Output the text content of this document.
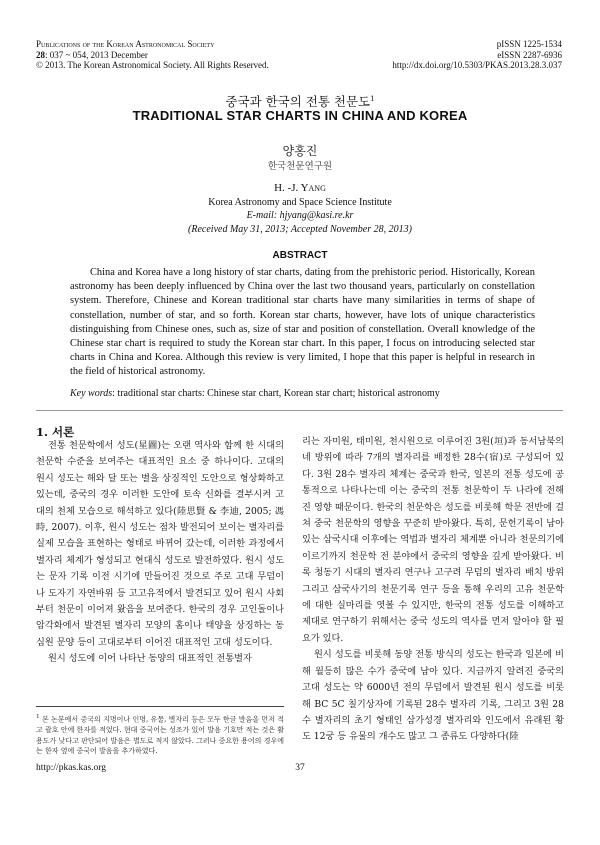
Publications of the Korean Astronomical Society
28: 037 ~ 054, 2013 December
© 2013. The Korean Astronomical Society. All Rights Reserved.
pISSN 1225-1534
eISSN 2287-6936
http://dx.doi.org/10.5303/PKAS.2013.28.3.037
중국과 한국의 전통 천문도$^1$
TRADITIONAL STAR CHARTS IN CHINA AND KOREA
양홍진
한국천문연구원
H. -J. Yang
Korea Astronomy and Space Science Institute
E-mail: hjyang@kasi.re.kr
(Received May 31, 2013; Accepted November 28, 2013)
ABSTRACT

China and Korea have a long history of star charts, dating from the prehistoric period. Historically, Korean astronomy has been deeply influenced by China over the last two thousand years, particularly on constellation system. Therefore, Chinese and Korean traditional star charts have many similarities in terms of shape of constellation, number of star, and so forth. Korean star charts, however, have lots of unique characteristics distinguishing from Chinese ones, such as, size of star and position of constellation. Overall knowledge of the Chinese star chart is required to study the Korean star chart. In this paper, I focus on introducing selected star charts in China and Korea. Although this review is very limited, I hope that this paper is helpful in research in the field of historical astronomy.

Key words: traditional star charts: Chinese star chart, Korean star chart; historical astronomy
1. 서론

전통 천문학에서 성도(星圖)는 오랜 역사와 함께 한 시대의 천문학 수준을 보여주는 대표적인 요소 중 하나이다. 고대의 원시 성도는 해와 달 또는 별을 상징적인 도안으로 형상화하고 있는데, 중국의 경우 이러한 도안에 토속 신화를 결부시켜 고대의 천체 모습으로 해석하고 있다(陸思賢 & 李迪, 2005; 馮時, 2007). 이후, 원시 성도는 점차 발전되어 보이는 별자리를 실제 모습을 표현하는 형태로 바뀌어 갔는데, 이러한 과정에서 별자리 체계가 형성되고 현대식 성도로 발전하였다. 원시 성도는 문자 기록 이전 시기에 만들어진 것으로 주로 고대 무덤이나 도자기 자연바위 등 고고유적에서 발견되고 있어 원시 사회부터 천문이 이어져 왔음을 보여준다. 한국의 경우 고인돌이나 암각화에서 발견된 별자리 모양의 홈이나 태양을 상징하는 동심원 문양 등이 고대로부터 이어진 대표적인 고대 성도이다.

원시 성도에 이어 나타난 동양의 대표적인 전통별자

리는 자미원, 태미원, 천시원으로 이루어진 3원(垣)과 동서남북의 네 방위에 따라 7개의 별자리를 배정한 28수(宿)로 구성되어 있다. 3원 28수 별자리 체계는 중국과 한국, 일본의 전통 성도에 공통적으로 나타나는데 이는 중국의 전통 천문학이 두 나라에 전해진 영향 때문이다. 한국의 천문학은 성도를 비롯해 학문 전반에 걸쳐 중국 천문학의 영향을 꾸준히 받아왔다. 특히, 문헌기록이 남아 있는 삼국시대 이후에는 역법과 별자리 체계뿐 아니라 천문의기에 이르기까지 천문학 전 분야에서 중국의 영향을 깊게 받아왔다. 비록 청동기 시대의 별자리 연구나 고구려 무덤의 별자리 배치 방위 그리고 삼국사기의 천문기록 연구 등을 통해 우리의 고유 천문학에 대한 실마리를 엿볼 수 있지만, 한국의 전통 성도를 이해하고 제대로 연구하기 위해서는 중국 성도의 역사를 먼저 알아야 할 필요가 있다.

원시 성도를 비롯해 동양 전통 방식의 성도는 한국과 일본에 비해 월등히 많은 수가 중국에 남아 있다. 지금까지 알려진 중국의 고대 성도는 약 6000년 전의 무덤에서 발견된 원시 성도를 비롯해 BC 5C 칠기상자에 기록된 28수 별자리 기록, 그리고 3원 28수 별자리의 초기 형태인 삼가성경 별자리와 인도에서 유래된 황도 12궁 등 유물의 개수도 많고 그 종류도 다양하다(陸

http://pkas.kas.org	37
$^1$ 본 논문에서 중국의 지명이나 인명, 유물, 별자리 등은 모두 한글 발음을 먼저 적고 괄호 안에 한자를 적었다. 현대 중국어는 성조가 있어 발음 기호만 적는 것은 활용도가 낮다고 판단되어 발음은 별도로 적지 않았다. 그러나 중요한 용어의 경우에는 한자 옆에 중국어 발음을 추가하였다.
